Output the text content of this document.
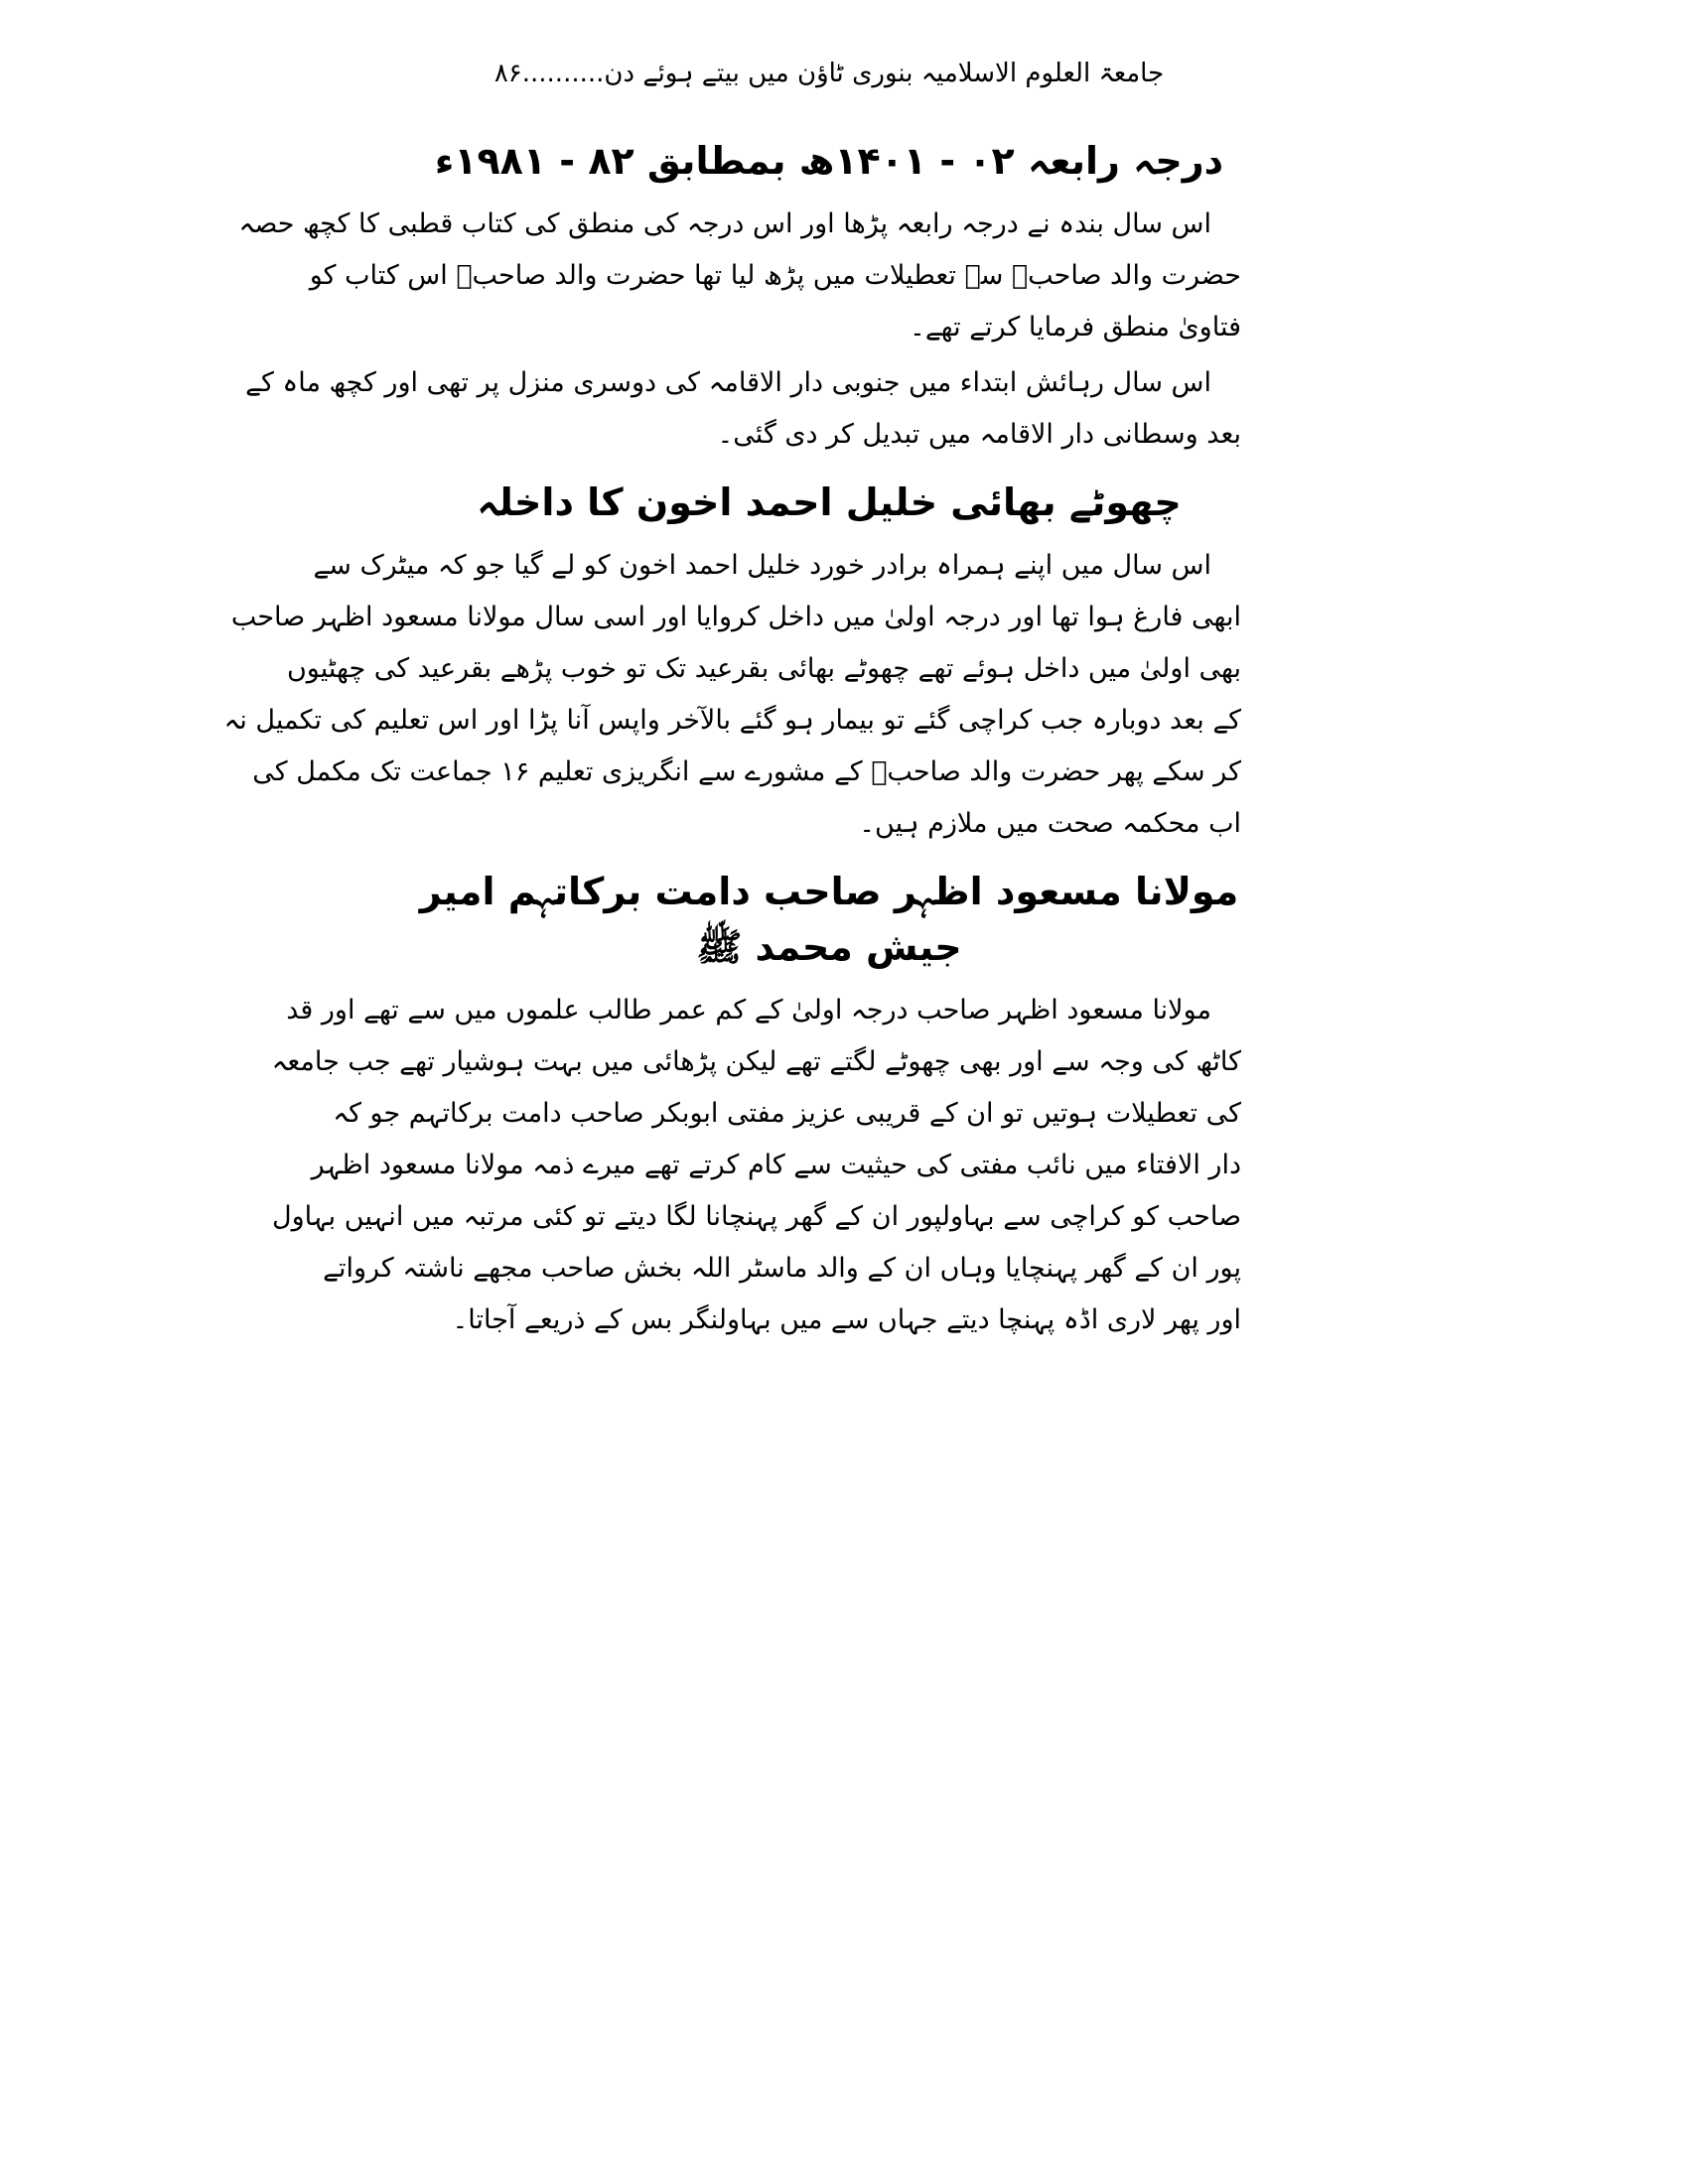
جامعۃ العلوم الاسلامیہ بنوری ٹاؤن میں بیتے ہوئے دن..........۸۶
درجہ رابعہ ۰۲ - ۱۴۰۱ھ بمطابق ۸۲ - ۱۹۸۱ء

اس سال بندہ نے درجہ رابعہ پڑھا اور اس درجہ کی منطق کی کتاب قطبی کا کچھ حصہ
حضرت والد صاحبؒ سے تعطیلات میں پڑھ لیا تھا حضرت والد صاحبؒ اس کتاب کو
فتاویٰ منطق فرمایا کرتے تھے۔

اس سال رہائش ابتداء میں جنوبی دار الاقامہ کی دوسری منزل پر تھی اور کچھ ماہ کے
بعد وسطانی دار الاقامہ میں تبدیل کر دی گئی۔

چھوٹے بھائی خلیل احمد اخون کا داخلہ

اس سال میں اپنے ہمراہ برادر خورد خلیل احمد اخون کو لے گیا جو کہ میٹرک سے
ابھی فارغ ہوا تھا اور درجہ اولیٰ میں داخل کروایا اور اسی سال مولانا مسعود اظہر صاحب
بھی اولیٰ میں داخل ہوئے تھے چھوٹے بھائی بقرعید تک تو خوب پڑھے بقرعید کی چھٹیوں
کے بعد دوبارہ جب کراچی گئے تو بیمار ہو گئے بالآخر واپس آنا پڑا اور اس تعلیم کی تکمیل نہ
کر سکے پھر حضرت والد صاحبؒ کے مشورے سے انگریزی تعلیم ۱۶ جماعت تک مکمل کی
اب محکمہ صحت میں ملازم ہیں۔

مولانا مسعود اظہر صاحب دامت برکاتہم امیر جیش محمد ﷺ

مولانا مسعود اظہر صاحب درجہ اولیٰ کے کم عمر طالب علموں میں سے تھے اور قد
کاٹھ کی وجہ سے اور بھی چھوٹے لگتے تھے لیکن پڑھائی میں بہت ہوشیار تھے جب جامعہ
کی تعطیلات ہوتیں تو ان کے قریبی عزیز مفتی ابوبکر صاحب دامت برکاتہم جو کہ
دار الافتاء میں نائب مفتی کی حیثیت سے کام کرتے تھے میرے ذمہ مولانا مسعود اظہر
صاحب کو کراچی سے بہاولپور ان کے گھر پہنچانا لگا دیتے تو کئی مرتبہ میں انہیں بہاول
پور ان کے گھر پہنچایا وہاں ان کے والد ماسٹر اللہ بخش صاحب مجھے ناشتہ کرواتے
اور پھر لاری اڈہ پہنچا دیتے جہاں سے میں بہاولنگر بس کے ذریعے آجاتا۔
